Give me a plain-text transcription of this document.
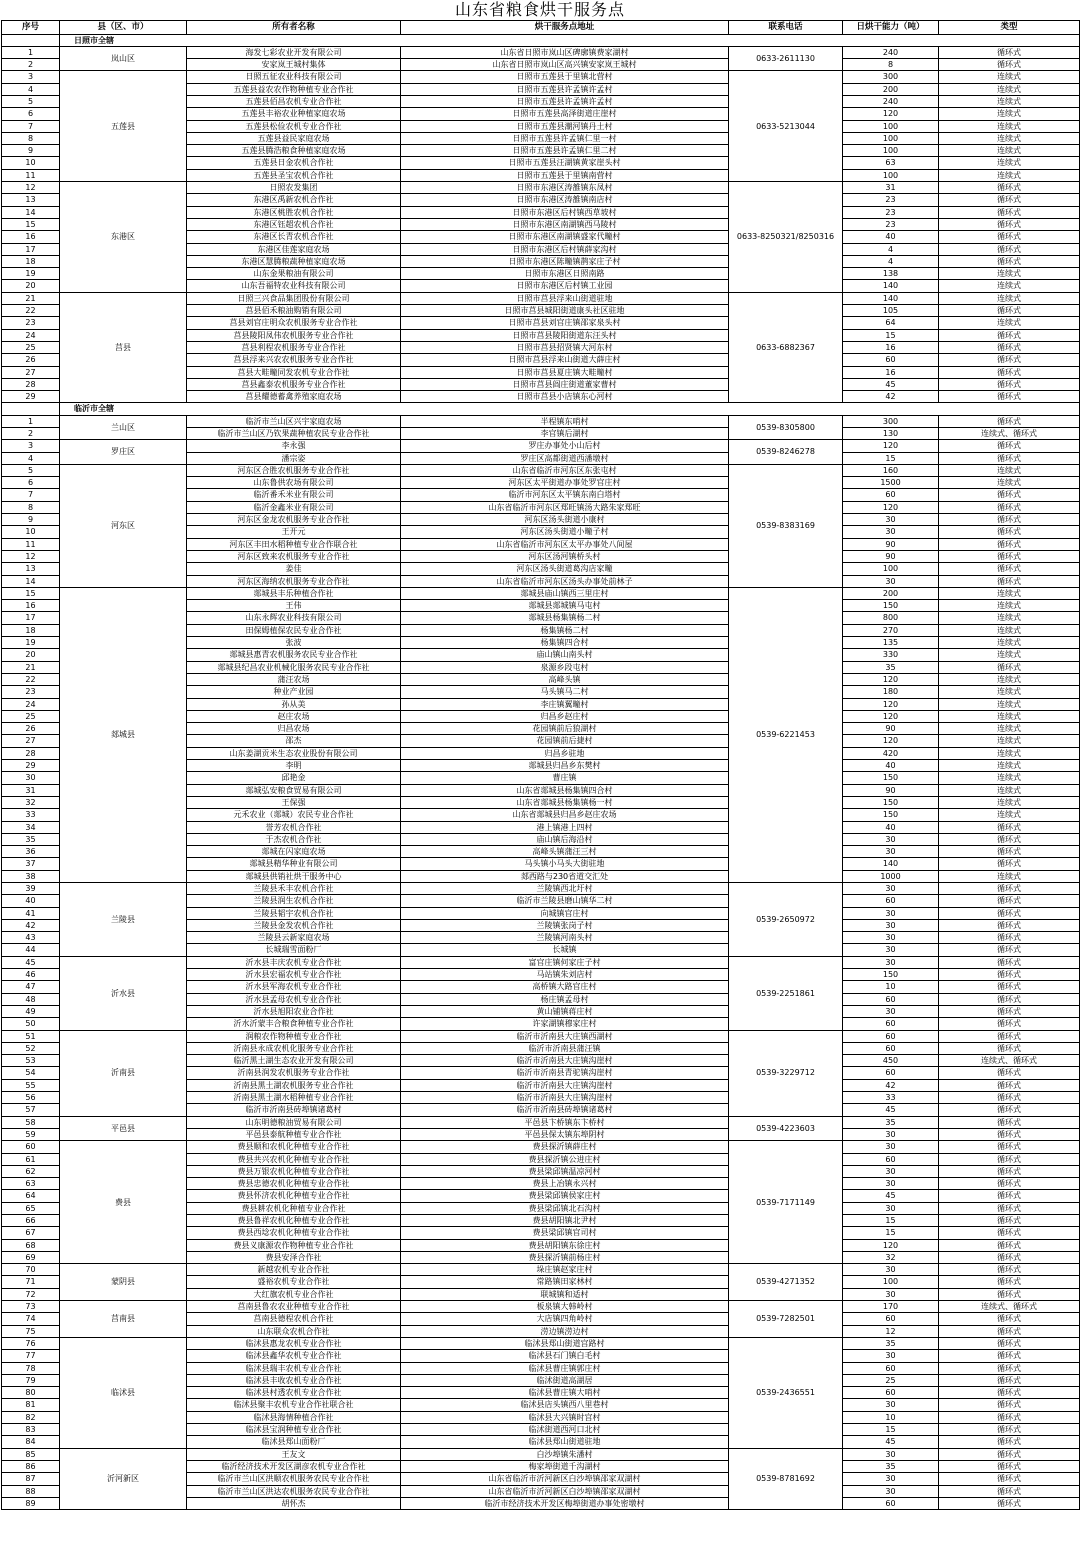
山东省粮食烘干服务点
序号	县（区、市）	所有者名称	烘干服务点地址	联系电话	日烘干能力（吨）	类型
	日照市全辖					
1	岚山区	海发七彩农业开发有限公司	山东省日照市岚山区碑廓镇费家湖村	0633-2611130	240	循环式
2		安家岚王城村集体	山东省日照市岚山区高兴镇安家岚王城村		8	循环式
3	五莲县	日照五征农业科技有限公司	日照市五莲县于里镇北营村	0633-5213044	300	连续式
4		五莲县益农农作物种植专业合作社	日照市五莲县许孟镇许孟村		200	连续式
5		五莲县佰昌农机专业合作社	日照市五莲县许孟镇许孟村		240	连续式
6		五莲县丰裕农业种植家庭农场	日照市五莲县高泽街道庄崖村		120	连续式
7		五莲县松俭农机专业合作社	日照市五莲县潮河镇丹土村		100	连续式
8		五莲县益民家庭农场	日照市五莲县许孟镇仁里一村		100	连续式
9		五莲县腾浩粮食种植家庭农场	日照市五莲县许孟镇仁里二村		100	连续式
10		五莲县日金农机合作社	日照市五莲县汪湖镇黄家崖头村		63	连续式
11		五莲县圣宝农机合作社	日照市五莲县于里镇南营村		100	连续式
12	东港区	日照农发集团	日照市东港区涛雒镇东凤村	0633-8250321/8250316	31	循环式
13		东港区禹新农机合作社	日照市东港区涛雒镇南店村		23	循环式
14		东港区桃胜农机合作社	日照市东港区后村镇西草坡村		23	循环式
15		东港区钰超农机合作社	日照市东港区南湖镇西马陵村		23	循环式
16		东港区长青农机合作社	日照市东港区南湖镇盛家代疃村		40	循环式
17		东港区佳莲家庭农场	日照市东港区后村镇薛家沟村		4	循环式
18		东港区慧腾粮蔬种植家庭农场	日照市东港区陈疃镇鹊家庄子村		4	循环式
19		山东金果粮油有限公司	日照市东港区日照南路		138	连续式
20		山东吾福特农业科技有限公司	日照市东港区后村镇工业园		140	连续式
21	莒县	日照三兴食品集团股份有限公司	日照市莒县浮来山街道驻地	0633-6882367	140	连续式
22		莒县佰禾粮油购销有限公司	日照市莒县城阳街道康头社区驻地		105	循环式
23		莒县刘官庄明众农机服务专业合作社	日照市莒县刘官庄镇邵家泉头村		64	连续式
24		莒县陵阳凤伟农机服务专业合作社	日照市莒县陵阳街道东汪头村		15	循环式
25		莒县利程农机服务专业合作社	日照市莒县招贤镇大河东村		16	循环式
26		莒县浮来兴农农机服务专业合作社	日照市莒县浮来山街道大薛庄村		60	循环式
27		莒县大畦疃同发农机专业合作社	日照市莒县夏庄镇大畦疃村		16	循环式
28		莒县鑫泰农机服务专业合作社	日照市莒县阎庄街道董家曹村		45	循环式
29		莒县耀德蓄禽养殖家庭农场	日照市莒县小店镇东心河村		42	循环式
	临沂市全辖					
1	兰山区	临沂市兰山区兴宇家庭农场	半程镇东哨村	0539-8305800	300	循环式
2		临沂市兰山区乃钦果蔬种植农民专业合作社	李官镇后湖村		130	连续式、循环式
3	罗庄区	李永强	罗庄办事处小山后村	0539-8246278	120	循环式
4		潘宗姿	罗庄区高都街道西潘墩村		15	循环式
5	河东区	河东区合胜农机服务专业合作社	山东省临沂市河东区东张屯村	0539-8383169	160	连续式
6		山东鲁供农场有限公司	河东区太平街道办事处罗官庄村		1500	连续式
7		临沂番禾米业有限公司	临沂市河东区太平镇东南白塔村		60	循环式
8		临沂金鑫米业有限公司	山东省临沂市河东区郑旺镇汤大路朱家郑旺		120	循环式
9		河东区金龙农机服务专业合作社	河东区汤头街道小康村		30	循环式
10		王开元	河东区汤头街道小疃子村		30	循环式
11		河东区丰田水稻种植专业合作联合社	山东省临沂市河东区太平办事处八间屋		90	循环式
12		河东区致来农机服务专业合作社	河东区汤河镇桥头村		90	循环式
13		姜佳	河东区汤头街道葛沟店家疃		100	循环式
14		河东区海纳农机服务专业合作社	山东省临沂市河东区汤头办事处前林子		30	循环式
15	郯城县	郯城县丰乐种植合作社	郯城县庙山镇西三里庄村	0539-6221453	200	连续式
16		王伟	郯城县郯城镇马屯村		150	连续式
17		山东永辉农业科技有限公司	郯城县杨集镇杨二村		800	连续式
18		田保姆植保农民专业合作社	杨集镇杨二村		270	连续式
19		张波	杨集镇四合村		135	连续式
20		郯城县惠青农机服务农民专业合作社	庙山镇山南头村		330	连续式
21		郯城县纪昌农业机械化服务农民专业合作社	泉源乡段屯村		35	循环式
22		蒲汪农场	高峰头镇		120	连续式
23		种业产业园	马头镇马二村		180	连续式
24		孙从美	李庄镇翼疃村		120	连续式
25		赵庄农场	归昌乡赵庄村		120	连续式
26		归昌农场	花园镇前后狼湖村		90	连续式
27		邵杰	花园镇前后捷村		120	连续式
28		山东姜湖贡米生态农业股份有限公司	归昌乡驻地		420	连续式
29		李明	郯城县归昌乡东樊村		40	连续式
30		邱艳金	曹庄镇		150	连续式
31		郯城弘安粮食贸易有限公司	山东省郯城县杨集镇四合村		90	连续式
32		王保强	山东省郯城县杨集镇杨一村		150	连续式
33		元禾农业（郯城）农民专业合作社	山东省郯城县归昌乡赵庄农场		150	连续式
34		誉芳农机合作社	港上镇港上四村		40	循环式
35		于杰农机合作社	庙山镇后海沿村		30	循环式
36		郯城在闪家庭农场	高峰头镇蒲汪三村		30	循环式
37		郯城县精华种业有限公司	马头镇小马头大街驻地		140	循环式
38		郯城县供销社烘干服务中心	郯西路与230省道交汇处		1000	连续式
39	兰陵县	兰陵县禾丰农机合作社	兰陵镇西北圩村	0539-2650972	30	循环式
40		兰陵县润生农机合作社	临沂市兰陵县磨山镇华二村		60	循环式
41		兰陵县韬宇农机合作社	向城镇官庄村		30	循环式
42		兰陵县金发农机合作社	兰陵镇张岗子村		30	循环式
43		兰陵县云新家庭农场	兰陵镇河南头村		30	循环式
44		长城瑞雪面粉厂	长城镇		30	循环式
45	沂水县	沂水县丰庆农机专业合作社	富官庄镇何家庄子村	0539-2251861	30	循环式
46		沂水县宏福农机专业合作社	马站镇朱刘店村		150	循环式
47		沂水县军海农机专业合作社	高桥镇大路官庄村		10	循环式
48		沂水县孟母农机专业合作社	杨庄镇孟母村		60	循环式
49		沂水县旭阳农业合作社	黄山铺镇蒋庄村		30	循环式
50		沂水沂蒙丰合粮食种植专业合作社	许家湖镇穆家庄村		60	循环式
51	沂南县	润粮农作物种植专业合作社	临沂市沂南县大庄镇西湖村	0539-3229712	60	循环式
52		沂南县永成农机化服务专业合作社	临沂市沂南县蒲汪镇		60	循环式
53		临沂黑土湖生态农业开发有限公司	临沂市沂南县大庄镇沟崖村		450	连续式、循环式
54		沂南县润发农机服务专业合作社	临沂市沂南县青驼镇沟崖村		60	循环式
55		沂南县黑土湖农机服务专业合作社	临沂市沂南县大庄镇沟崖村		42	循环式
56		沂南县黑土湖水稻种植专业合作社	临沂市沂南县大庄镇沟崖村		33	循环式
57		临沂市沂南县砖埠镇诸葛村	临沂市沂南县砖埠镇诸葛村		45	循环式
58	平邑县	山东明德粮油贸易有限公司	平邑县卞桥镇东卞桥村	0539-4223603	35	循环式
59		平邑县泰航种植专业合作社	平邑县保太镇东埠阴村		30	循环式
60	费县	费县顺和农机化种植专业合作社	费县探沂镇薛庄村	0539-7171149	30	循环式
61		费县共兴农机化种植专业合作社	费县探沂镇公进庄村		60	循环式
62		费县万银农机化种植专业合作社	费县梁邱镇温凉河村		30	循环式
63		费县忠德农机化种植专业合作社	费县上冶镇永兴村		30	循环式
64		费县怀济农机化种植专业合作社	费县梁邱镇侯家庄村		45	循环式
65		费县耕农机化种植专业合作社	费县梁邱镇北石沟村		30	循环式
66		费县鲁祥农机化种植专业合作社	费县胡阳镇北尹村		15	循环式
67		费县西埝农机化种植专业合作社	费县梁邱镇官司村		15	循环式
68		费县义康源农作物种植专业合作社	费县胡阳镇东徐庄村		120	循环式
69		费县安泽合作社	费县探沂镇前杨庄村		32	循环式
70	蒙阴县	新越农机专业合作社	垛庄镇赵家庄村	0539-4271352	30	循环式
71		盛裕农机专业合作社	常路镇田家林村		100	循环式
72		大红旗农机专业合作社	联城镇和适村		30	循环式
73	莒南县	莒南县鲁农农业种植专业合作社	板泉镇大韩岭村	0539-7282501	170	连续式、循环式
74		莒南县德程农机合作社	大店镇四角岭村		60	循环式
75		山东联众农机合作社	涝边镇涝边村		12	循环式
76	临沭县	临沭县惠龙农机专业合作社	临沭县郑山街道宫路村	0539-2436551	35	循环式
77		临沭县鑫华农机专业合作社	临沭县石门镇白毛村		30	循环式
78		临沭县瑞丰农机专业合作社	临沭县曹庄镇郭庄村		60	循环式
79		临沭县丰收农机专业合作社	临沭街道高湖居		25	循环式
80		临沭县村透农机专业合作社	临沭县曹庄镇大哨村		60	循环式
81		临沭县聚丰农机专业合作社联合社	临沭县店头镇西八里巷村		30	循环式
82		临沭县海情种植合作社	临沭县大兴镇时宫村		10	循环式
83		临沭县宝润种植专业合作社	临沭街道西河口北村		15	循环式
84		临沭县郑山面粉厂	临沭县郑山街道驻地		45	循环式
85	沂河新区	王友文	白沙埠镇朱潘村	0539-8781692	30	循环式
86		临沂经济技术开发区湖彦农机专业合作社	梅家埠街道千沟湖村		35	循环式
87		临沂市兰山区洪顺农机服务农民专业合作社	山东省临沂市沂河新区白沙埠镇邵家双湖村		30	循环式
88		临沂市兰山区洪达农机服务农民专业合作社	山东省临沂市沂河新区白沙埠镇邵家双湖村		30	循环式
89		胡怀杰	临沂市经济技术开发区梅埠街道办事处密墩村		60	循环式
